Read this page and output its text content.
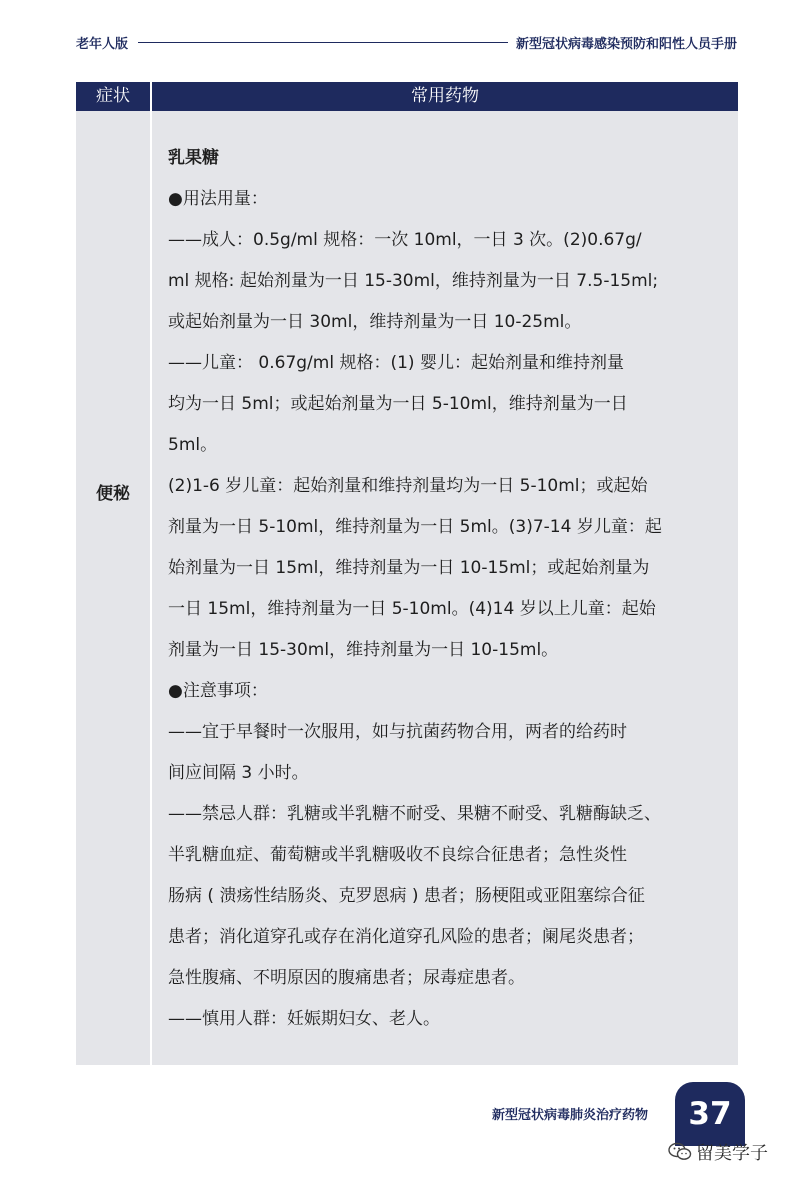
老年人版	新型冠状病毒感染预防和阳性人员手册
症状	常用药物
便秘

乳果糖

●用法用量：

——成人：0.5g/ml 规格：一次 10ml，一日 3 次。(2)0.67g/

ml 规格: 起始剂量为一日 15-30ml，维持剂量为一日 7.5-15ml;

或起始剂量为一日 30ml，维持剂量为一日 10-25ml。

——儿童： 0.67g/ml 规格：(1) 婴儿：起始剂量和维持剂量

均为一日 5ml；或起始剂量为一日 5-10ml，维持剂量为一日

5ml。

(2)1-6 岁儿童：起始剂量和维持剂量均为一日 5-10ml；或起始

剂量为一日 5-10ml，维持剂量为一日 5ml。(3)7-14 岁儿童：起

始剂量为一日 15ml，维持剂量为一日 10-15ml；或起始剂量为

一日 15ml，维持剂量为一日 5-10ml。(4)14 岁以上儿童：起始

剂量为一日 15-30ml，维持剂量为一日 10-15ml。

●注意事项：

——宜于早餐时一次服用，如与抗菌药物合用，两者的给药时

间应间隔 3 小时。

——禁忌人群：乳糖或半乳糖不耐受、果糖不耐受、乳糖酶缺乏、

半乳糖血症、葡萄糖或半乳糖吸收不良综合征患者；急性炎性

肠病 ( 溃疡性结肠炎、克罗恩病 ) 患者；肠梗阻或亚阻塞综合征

患者；消化道穿孔或存在消化道穿孔风险的患者；阑尾炎患者；

急性腹痛、不明原因的腹痛患者；尿毒症患者。

——慎用人群：妊娠期妇女、老人。

新型冠状病毒肺炎治疗药物	37
留美学子
